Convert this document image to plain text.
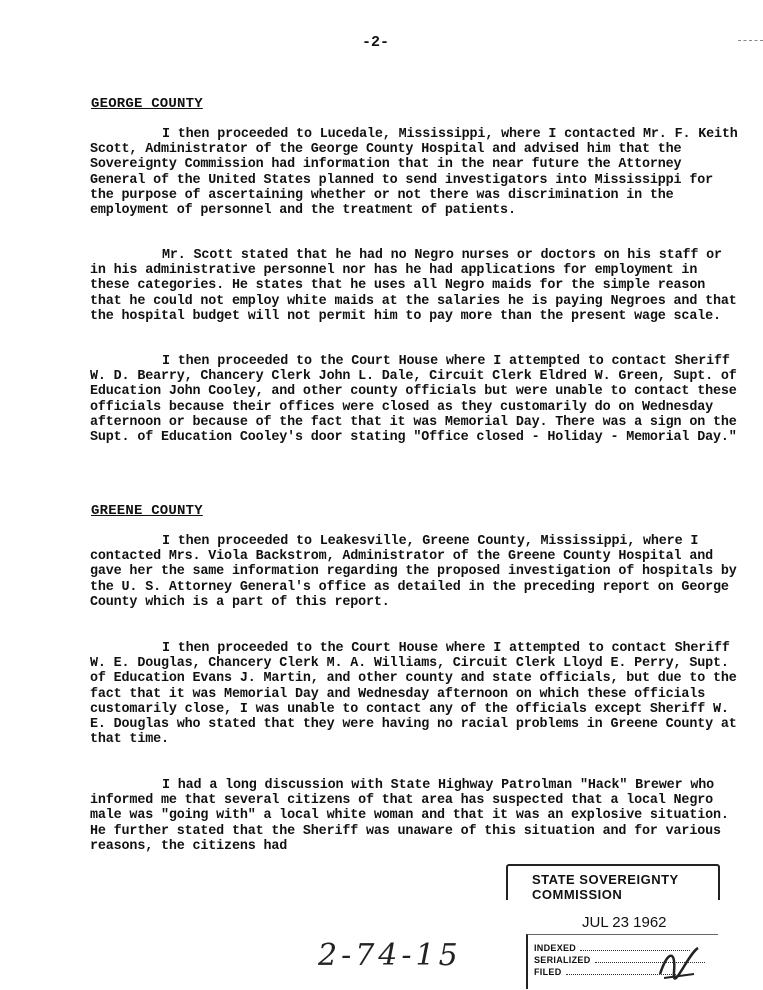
-2-
GEORGE COUNTY

I then proceeded to Lucedale, Mississippi, where I contacted Mr. F. Keith Scott, Administrator of the George County Hospital and advised him that the Sovereignty Commission had information that in the near future the Attorney General of the United States planned to send investigators into Mississippi for the purpose of ascertaining whether or not there was discrimination in the employment of personnel and the treatment of patients.

Mr. Scott stated that he had no Negro nurses or doctors on his staff or in his administrative personnel nor has he had applications for employment in these categories. He states that he uses all Negro maids for the simple reason that he could not employ white maids at the salaries he is paying Negroes and that the hospital budget will not permit him to pay more than the present wage scale.

I then proceeded to the Court House where I attempted to contact Sheriff W. D. Bearry, Chancery Clerk John L. Dale, Circuit Clerk Eldred W. Green, Supt. of Education John Cooley, and other county officials but were unable to contact these officials because their offices were closed as they customarily do on Wednesday afternoon or because of the fact that it was Memorial Day. There was a sign on the Supt. of Education Cooley's door stating "Office closed - Holiday - Memorial Day."

GREENE COUNTY

I then proceeded to Leakesville, Greene County, Mississippi, where I contacted Mrs. Viola Backstrom, Administrator of the Greene County Hospital and gave her the same information regarding the proposed investigation of hospitals by the U. S. Attorney General's office as detailed in the preceding report on George County which is a part of this report.

I then proceeded to the Court House where I attempted to contact Sheriff W. E. Douglas, Chancery Clerk M. A. Williams, Circuit Clerk Lloyd E. Perry, Supt. of Education Evans J. Martin, and other county and state officials, but due to the fact that it was Memorial Day and Wednesday afternoon on which these officials customarily close, I was unable to contact any of the officials except Sheriff W. E. Douglas who stated that they were having no racial problems in Greene County at that time.

I had a long discussion with State Highway Patrolman "Hack" Brewer who informed me that several citizens of that area has suspected that a local Negro male was "going with" a local white woman and that it was an explosive situation. He further stated that the Sheriff was unaware of this situation and for various reasons, the citizens had

STATE SOVEREIGNTY COMMISSION
JUL 23 1962
INDEXED
SERIALIZED
FILED
2-74-15
